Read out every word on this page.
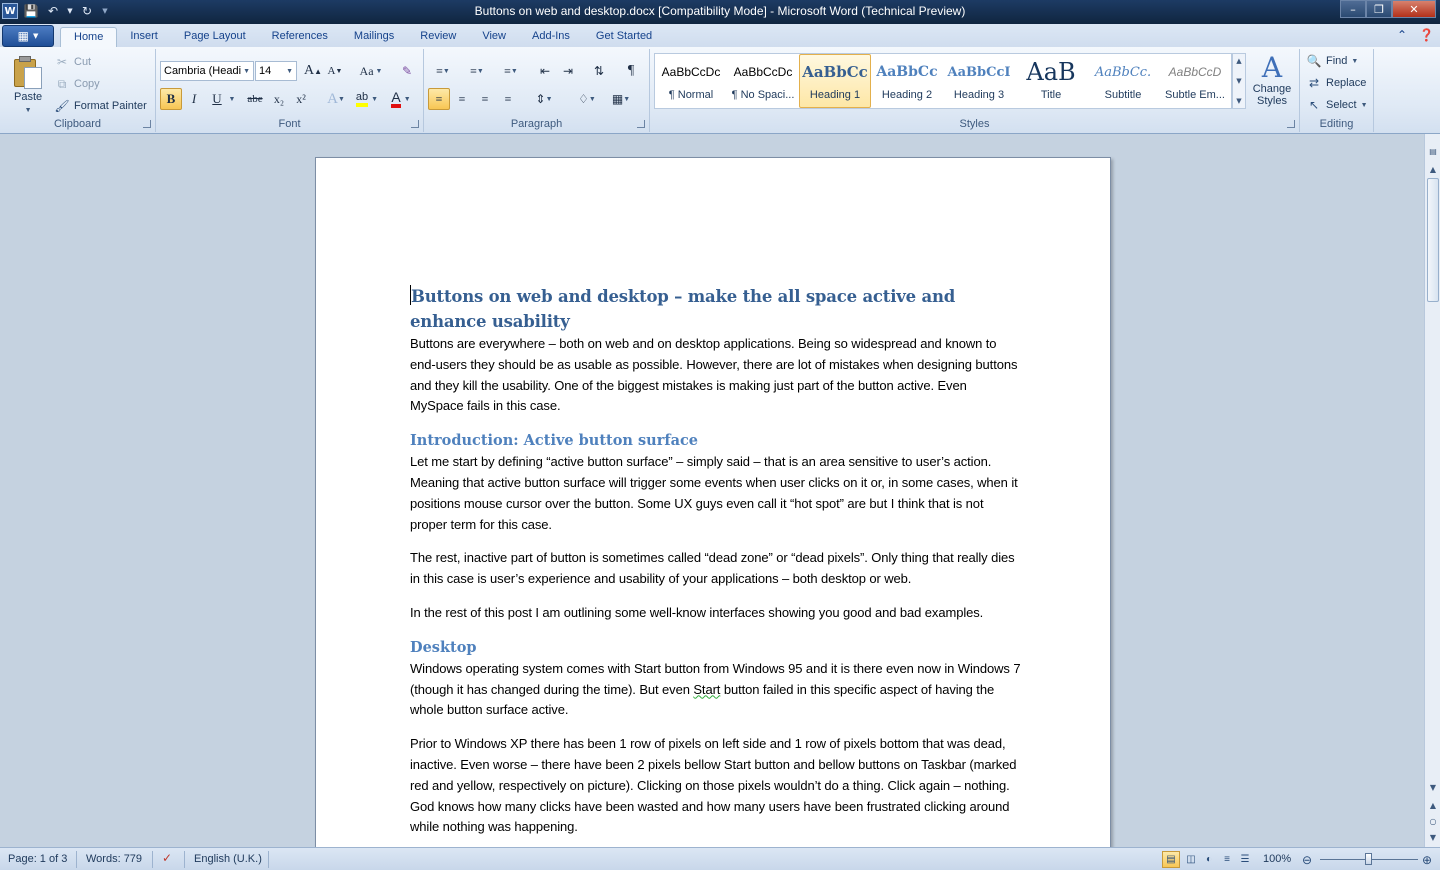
W 💾 ↶	▼ ↻	▼	Buttons on web and desktop.docx [Compatibility Mode] - Microsoft Word (Technical Preview)	–	❐	✕
▦ ▼	Home	Insert	Page Layout	References	Mailings	Review	View	Add-Ins	Get Started	⌃ ❓
Paste
▼
✂ Cut
⧉ Copy
🖌 Format Painter
Clipboard
Cambria (Headi ▼ 14 ▼ A ▲ A ▼ Aa ▼ ✎
B	I	U ▼	abe x₂	x²	A ▼ ab ▼ A ▼
Font
≡ ▼ ≡ ▼ ≡ ▼ ⇤ ⇥ ⇅ ¶
≡ ≡ ≡ ≡ ⇕ ▼ ♢ ▼ ▦ ▼
Paragraph	Styles
AaBbCcDc
¶ Normal
AaBbCcDc
¶ No Spaci...
AaBbCc
Heading 1
AaBbCc
Heading 2
AaBbCcI
Heading 3
AaB
Title
AaBbCc.
Subtitle
AaBbCcD
Subtle Em...
▲
▼
▼
A
Change Styles
🔍 Find ▼
⇄ Replace
↖ Select ▼
Editing
Buttons on web and desktop – make the all space active and enhance usability
Buttons are everywhere – both on web and on desktop applications. Being so widespread and known to end-users they should be as usable as possible. However, there are lot of mistakes when designing buttons and they kill the usability. One of the biggest mistakes is making just part of the button active. Even MySpace fails in this case.
Introduction: Active button surface
Let me start by defining “active button surface” – simply said – that is an area sensitive to user’s action. Meaning that active button surface will trigger some events when user clicks on it or, in some cases, when it positions mouse cursor over the button. Some UX guys even call it “hot spot” are but I think that is not proper term for this case.
The rest, inactive part of button is sometimes called “dead zone” or “dead pixels”. Only thing that really dies in this case is user’s experience and usability of your applications – both desktop or web.
In the rest of this post I am outlining some well-know interfaces showing you good and bad examples.
Desktop
Windows operating system comes with Start button from Windows 95 and it is there even now in Windows 7 (though it has changed during the time). But even Start button failed in this specific aspect of having the whole button surface active.
Prior to Windows XP there has been 1 row of pixels on left side and 1 row of pixels bottom that was dead, inactive. Even worse – there have been 2 pixels bellow Start button and bellow buttons on Taskbar (marked red and yellow, respectively on picture). Clicking on those pixels wouldn’t do a thing. Click again – nothing. God knows how many clicks have been wasted and how many users have been frustrated clicking around while nothing was happening.
▤
▲
▼
▲
○
▼
Page: 1 of 3 Words: 779 ✓ English (U.K.)	▤	◫	◐	≡	☰	100% ⊖	⊕
